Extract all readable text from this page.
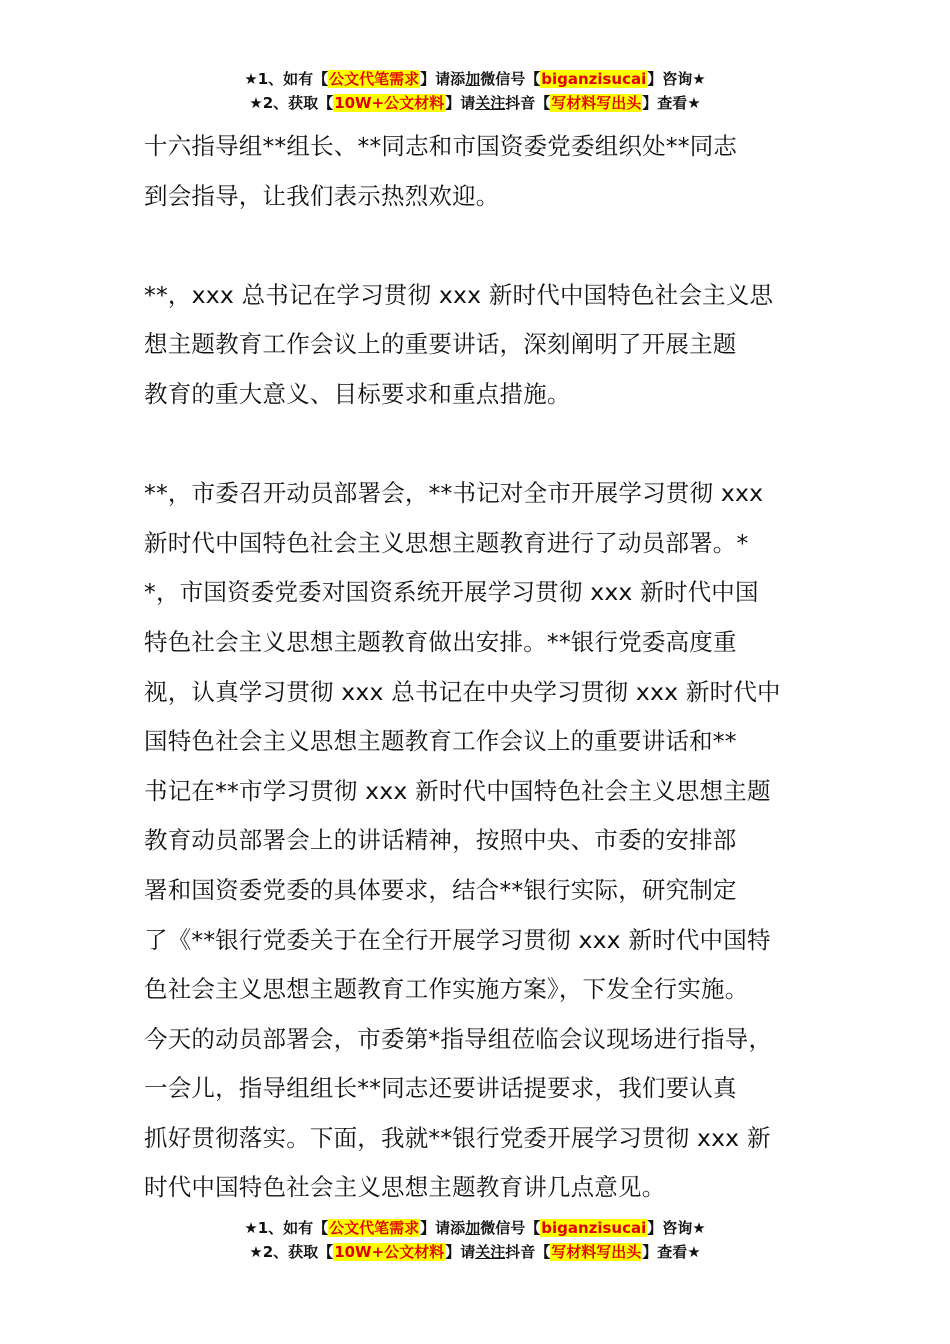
★1、如有【公文代笔需求】请添加微信号【biganzisucai】咨询★
★2、获取【10W+公文材料】请关注抖音【写材料写出头】查看★
十六指导组**组长、**同志和市国资委党委组织处**同志
到会指导，让我们表示热烈欢迎。
**，xxx 总书记在学习贯彻 xxx 新时代中国特色社会主义思
想主题教育工作会议上的重要讲话，深刻阐明了开展主题
教育的重大意义、目标要求和重点措施。
**，市委召开动员部署会，**书记对全市开展学习贯彻 xxx
新时代中国特色社会主义思想主题教育进行了动员部署。*
*，市国资委党委对国资系统开展学习贯彻 xxx 新时代中国
特色社会主义思想主题教育做出安排。**银行党委高度重
视，认真学习贯彻 xxx 总书记在中央学习贯彻 xxx 新时代中
国特色社会主义思想主题教育工作会议上的重要讲话和**
书记在**市学习贯彻 xxx 新时代中国特色社会主义思想主题
教育动员部署会上的讲话精神，按照中央、市委的安排部
署和国资委党委的具体要求，结合**银行实际，研究制定
了《**银行党委关于在全行开展学习贯彻 xxx 新时代中国特
色社会主义思想主题教育工作实施方案》，下发全行实施。
今天的动员部署会，市委第*指导组莅临会议现场进行指导，
一会儿，指导组组长**同志还要讲话提要求，我们要认真
抓好贯彻落实。下面，我就**银行党委开展学习贯彻 xxx 新
时代中国特色社会主义思想主题教育讲几点意见。
★1、如有【公文代笔需求】请添加微信号【biganzisucai】咨询★
★2、获取【10W+公文材料】请关注抖音【写材料写出头】查看★
